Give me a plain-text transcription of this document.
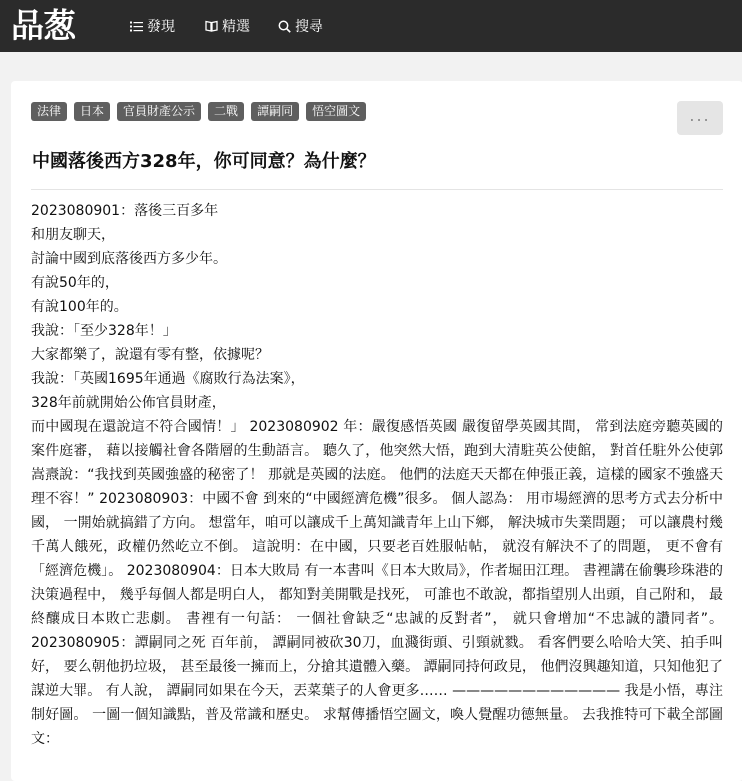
品葱	發現	精選	搜尋
法律	日本	官員財產公示	二戰	譚嗣同	悟空圖文	...
中國落後西方328年，你可同意？為什麼？
2023080901：落後三百多年
和朋友聊天，
討論中國到底落後西方多少年。
有說50年的，
有說100年的。
我說：「至少328年！」
大家都樂了，說還有零有整，依據呢？
我說：「英國1695年通過《腐敗行為法案》，
328年前就開始公佈官員財產，
而中國現在還說這不符合國情！」 2023080902 年：嚴復感悟英國 嚴復留學英國其間， 常到法庭旁聽英國的案件庭審， 藉以接觸社會各階層的生動語言。 聽久了，他突然大悟，跑到大清駐英公使館， 對首任駐外公使郭嵩燾說：“我找到英國強盛的秘密了！ 那就是英國的法庭。 他們的法庭天天都在伸張正義，這樣的國家不強盛天理不容！” 2023080903：中國不會 到來的“中國經濟危機”很多。 個人認為： 用市場經濟的思考方式去分析中國， 一開始就搞錯了方向。 想當年，咱可以讓成千上萬知識青年上山下鄉， 解決城市失業問題； 可以讓農村幾千萬人餓死，政權仍然屹立不倒。 這說明：在中國，只要老百姓服帖帖， 就沒有解決不了的問題， 更不會有「經濟危機」。 2023080904：日本大敗局 有一本書叫《日本大敗局》，作者堀田江理。 書裡講在偷襲珍珠港的決策過程中， 幾乎每個人都是明白人， 都知對美開戰是找死， 可誰也不敢說，都指望別人出頭，自己附和， 最終釀成日本敗亡悲劇。 書裡有一句話： 一個社會缺乏“忠誠的反對者”， 就只會增加“不忠誠的讚同者”。 2023080905：譚嗣同之死 百年前， 譚嗣同被砍30刀，血濺街頭、引頸就戮。 看客們要么哈哈大笑、拍手叫好， 要么朝他扔垃圾， 甚至最後一擁而上，分搶其遺體入藥。 譚嗣同持何政見， 他們沒興趣知道，只知他犯了謀逆大罪。 有人說， 譚嗣同如果在今天，丟菜葉子的人會更多…… ———————————— 我是小悟，專注制好圖。 一圖一個知識點，普及常識和歷史。 求幫傳播悟空圖文，喚人覺醒功德無量。 去我推特可下載全部圖文：
